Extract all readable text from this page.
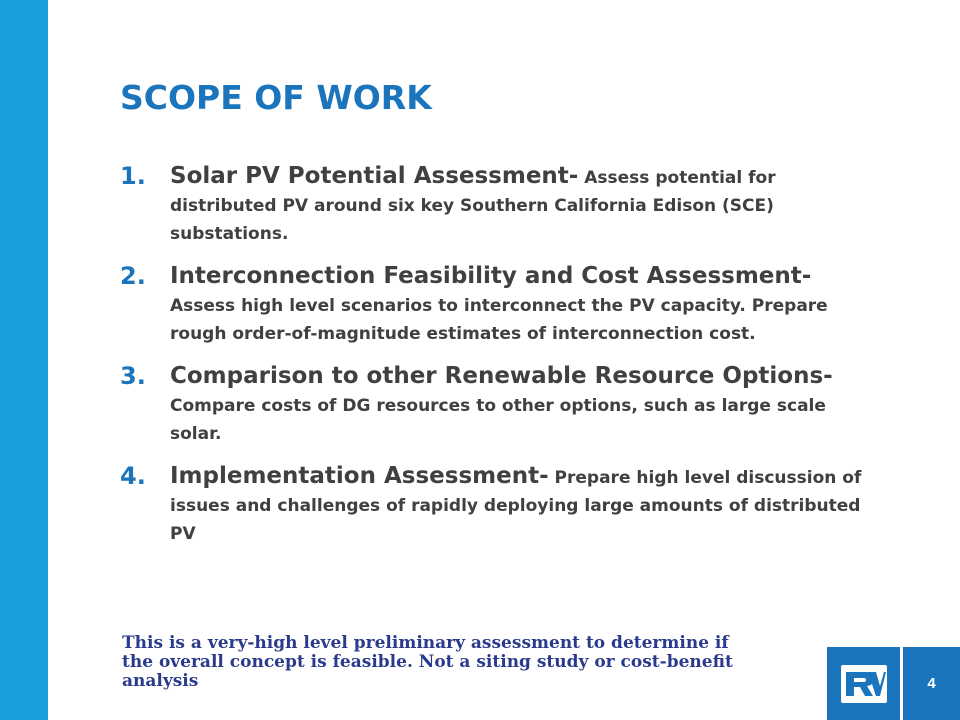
SCOPE OF WORK
1. Solar PV Potential Assessment- Assess potential for distributed PV around six key Southern California Edison (SCE) substations.
2. Interconnection Feasibility and Cost Assessment- Assess high level scenarios to interconnect the PV capacity. Prepare rough order-of-magnitude estimates of interconnection cost.
3. Comparison to other Renewable Resource Options- Compare costs of DG resources to other options, such as large scale solar.
4. Implementation Assessment- Prepare high level discussion of issues and challenges of rapidly deploying large amounts of distributed PV
This is a very-high level preliminary assessment to determine if the overall concept is feasible. Not a siting study or cost-benefit analysis	4
